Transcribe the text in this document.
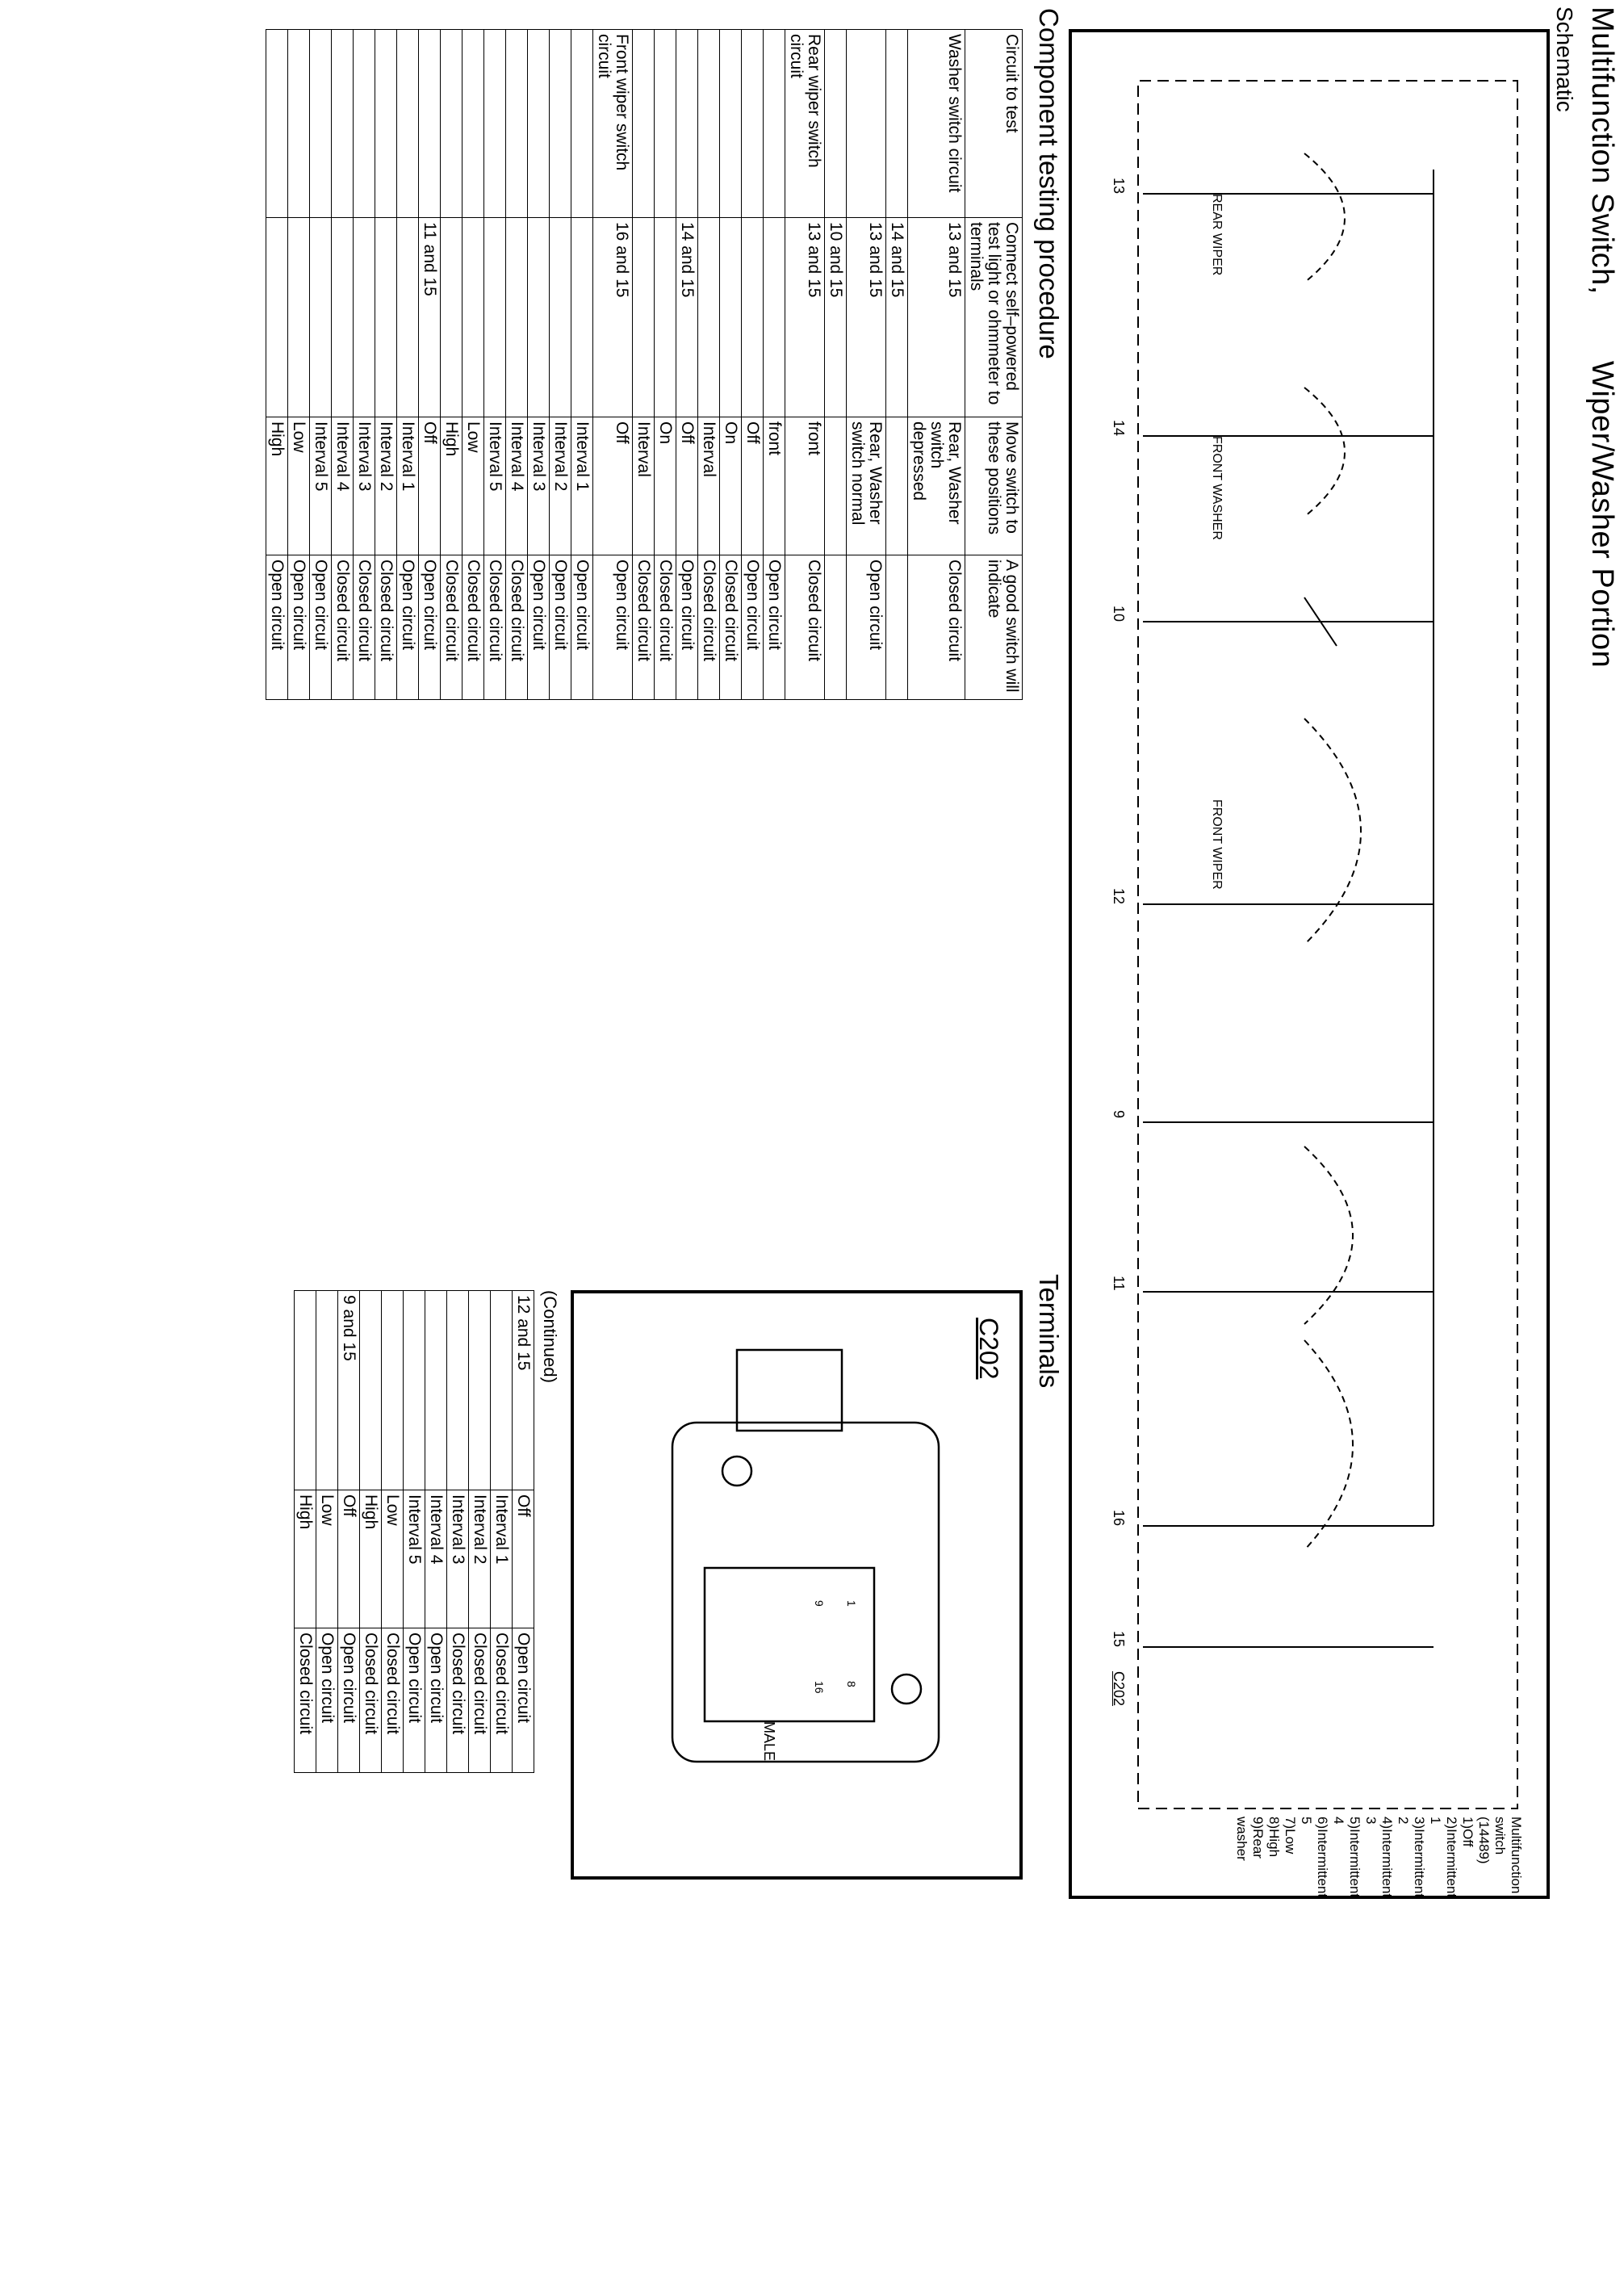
Multifunction Switch,  Wiper/Washer Portion
Schematic
13
14
10
12
9
11
16
15
C202
REAR WIPER
FRONT WASHER
FRONT WIPER
Multifunction
switch (14489)
1)Off
2)Intermittent 1
3)Intermittent 2
4)Intermittent 3
5)Intermittent 4
6)Intermittent 5
7)Low
8)High
9)Rear washer
Component testing procedure
Circuit to test	Connect self–powered test light or ohmmeter to terminals	Move switch to these positions	A good switch will indicate
Washer switch circuit	13 and 15	Rear, Washer switch depressed	Closed circuit
	14 and 15		
	13 and 15	Rear, Washer switch normal	Open circuit
	10 and 15		
Rear wiper switch circuit	13 and 15	front	Closed circuit
		front	Open circuit
		Off	Open circuit
		On	Closed circuit
		Interval	Closed circuit
	14 and 15	Off	Open circuit
		On	Closed circuit
		Interval	Closed circuit
Front wiper switch circuit	16 and 15	Off	Open circuit
		Interval 1	Open circuit
		Interval 2	Open circuit
		Interval 3	Open circuit
		Interval 4	Closed circuit
		Interval 5	Closed circuit
		Low	Closed circuit
		High	Closed circuit
	11 and 15	Off	Open circuit
		Interval 1	Open circuit
		Interval 2	Closed circuit
		Interval 3	Closed circuit
		Interval 4	Closed circuit
		Interval 5	Open circuit
		Low	Open circuit
		High	Open circuit
Terminals
C202
MALE
1
9
8
16
(Continued)
12 and 15	Off	Open circuit
	Interval 1	Closed circuit
	Interval 2	Closed circuit
	Interval 3	Closed circuit
	Interval 4	Open circuit
	Interval 5	Open circuit
	Low	Closed circuit
	High	Closed circuit
9 and 15	Off	Open circuit
	Low	Open circuit
	High	Closed circuit
